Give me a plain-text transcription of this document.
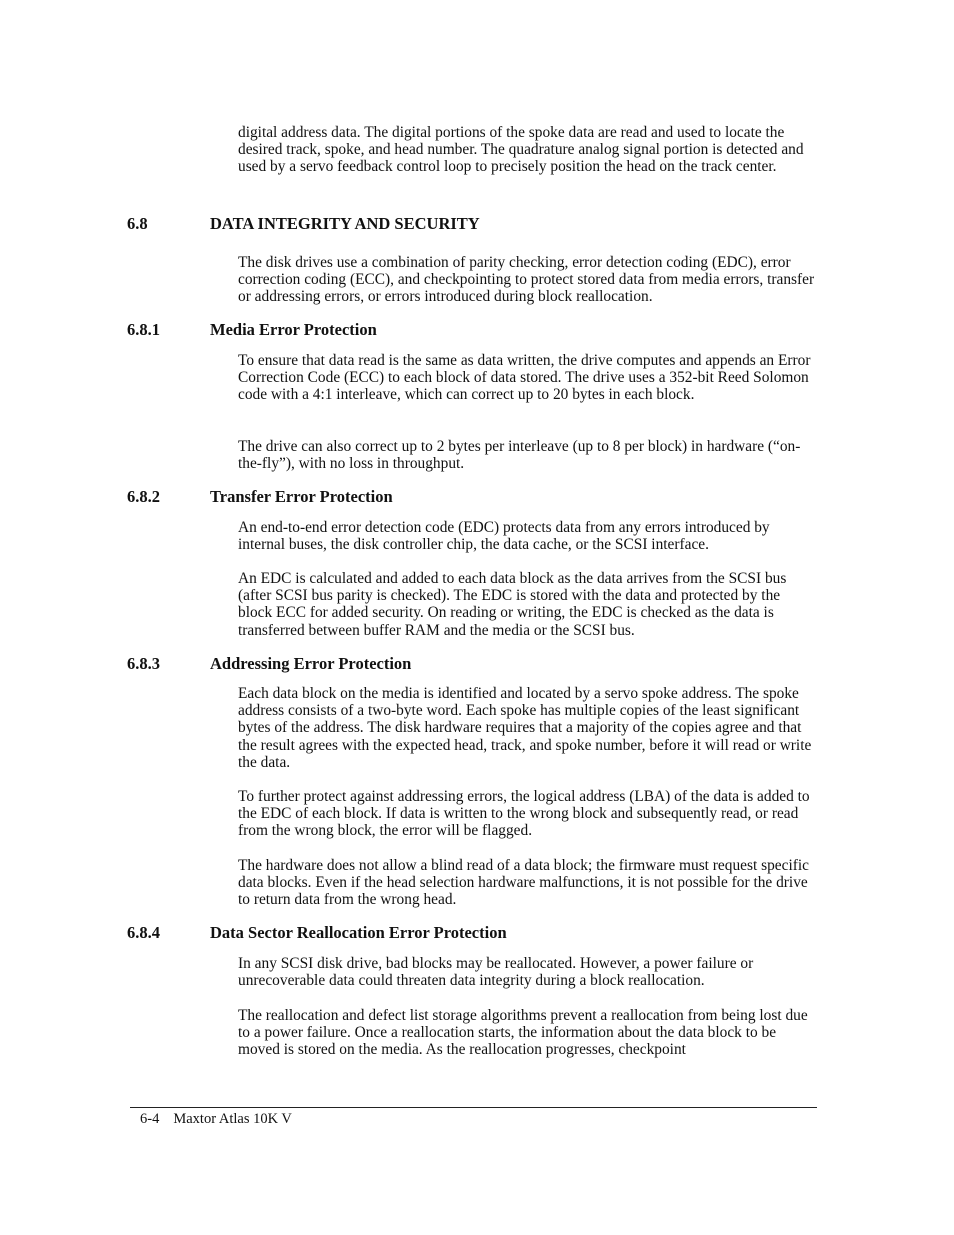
digital address data. The digital portions of the spoke data are read and used to locate the desired track, spoke, and head number. The quadrature analog signal portion is detected and used by a servo feedback control loop to precisely position the head on the track center.

6.8	DATA INTEGRITY AND SECURITY

The disk drives use a combination of parity checking, error detection coding (EDC), error correction coding (ECC), and checkpointing to protect stored data from media errors, transfer or addressing errors, or errors introduced during block reallocation.

6.8.1	Media Error Protection

To ensure that data read is the same as data written, the drive computes and appends an Error Correction Code (ECC) to each block of data stored. The drive uses a 352-bit Reed Solomon code with a 4:1 interleave, which can correct up to 20 bytes in each block.

The drive can also correct up to 2 bytes per interleave (up to 8 per block) in hardware (“on-the-fly”), with no loss in throughput.

6.8.2	Transfer Error Protection

An end-to-end error detection code (EDC) protects data from any errors introduced by internal buses, the disk controller chip, the data cache, or the SCSI interface.

An EDC is calculated and added to each data block as the data arrives from the SCSI bus (after SCSI bus parity is checked). The EDC is stored with the data and protected by the block ECC for added security. On reading or writing, the EDC is checked as the data is transferred between buffer RAM and the media or the SCSI bus.

6.8.3	Addressing Error Protection

Each data block on the media is identified and located by a servo spoke address. The spoke address consists of a two-byte word. Each spoke has multiple copies of the least significant bytes of the address. The disk hardware requires that a majority of the copies agree and that the result agrees with the expected head, track, and spoke number, before it will read or write the data.

To further protect against addressing errors, the logical address (LBA) of the data is added to the EDC of each block. If data is written to the wrong block and subsequently read, or read from the wrong block, the error will be flagged.

The hardware does not allow a blind read of a data block; the firmware must request specific data blocks. Even if the head selection hardware malfunctions, it is not possible for the drive to return data from the wrong head.

6.8.4	Data Sector Reallocation Error Protection

In any SCSI disk drive, bad blocks may be reallocated. However, a power failure or unrecoverable data could threaten data integrity during a block reallocation.

The reallocation and defect list storage algorithms prevent a reallocation from being lost due to a power failure. Once a reallocation starts, the information about the data block to be moved is stored on the media. As the reallocation progresses, checkpoint

6-4 Maxtor Atlas 10K V
